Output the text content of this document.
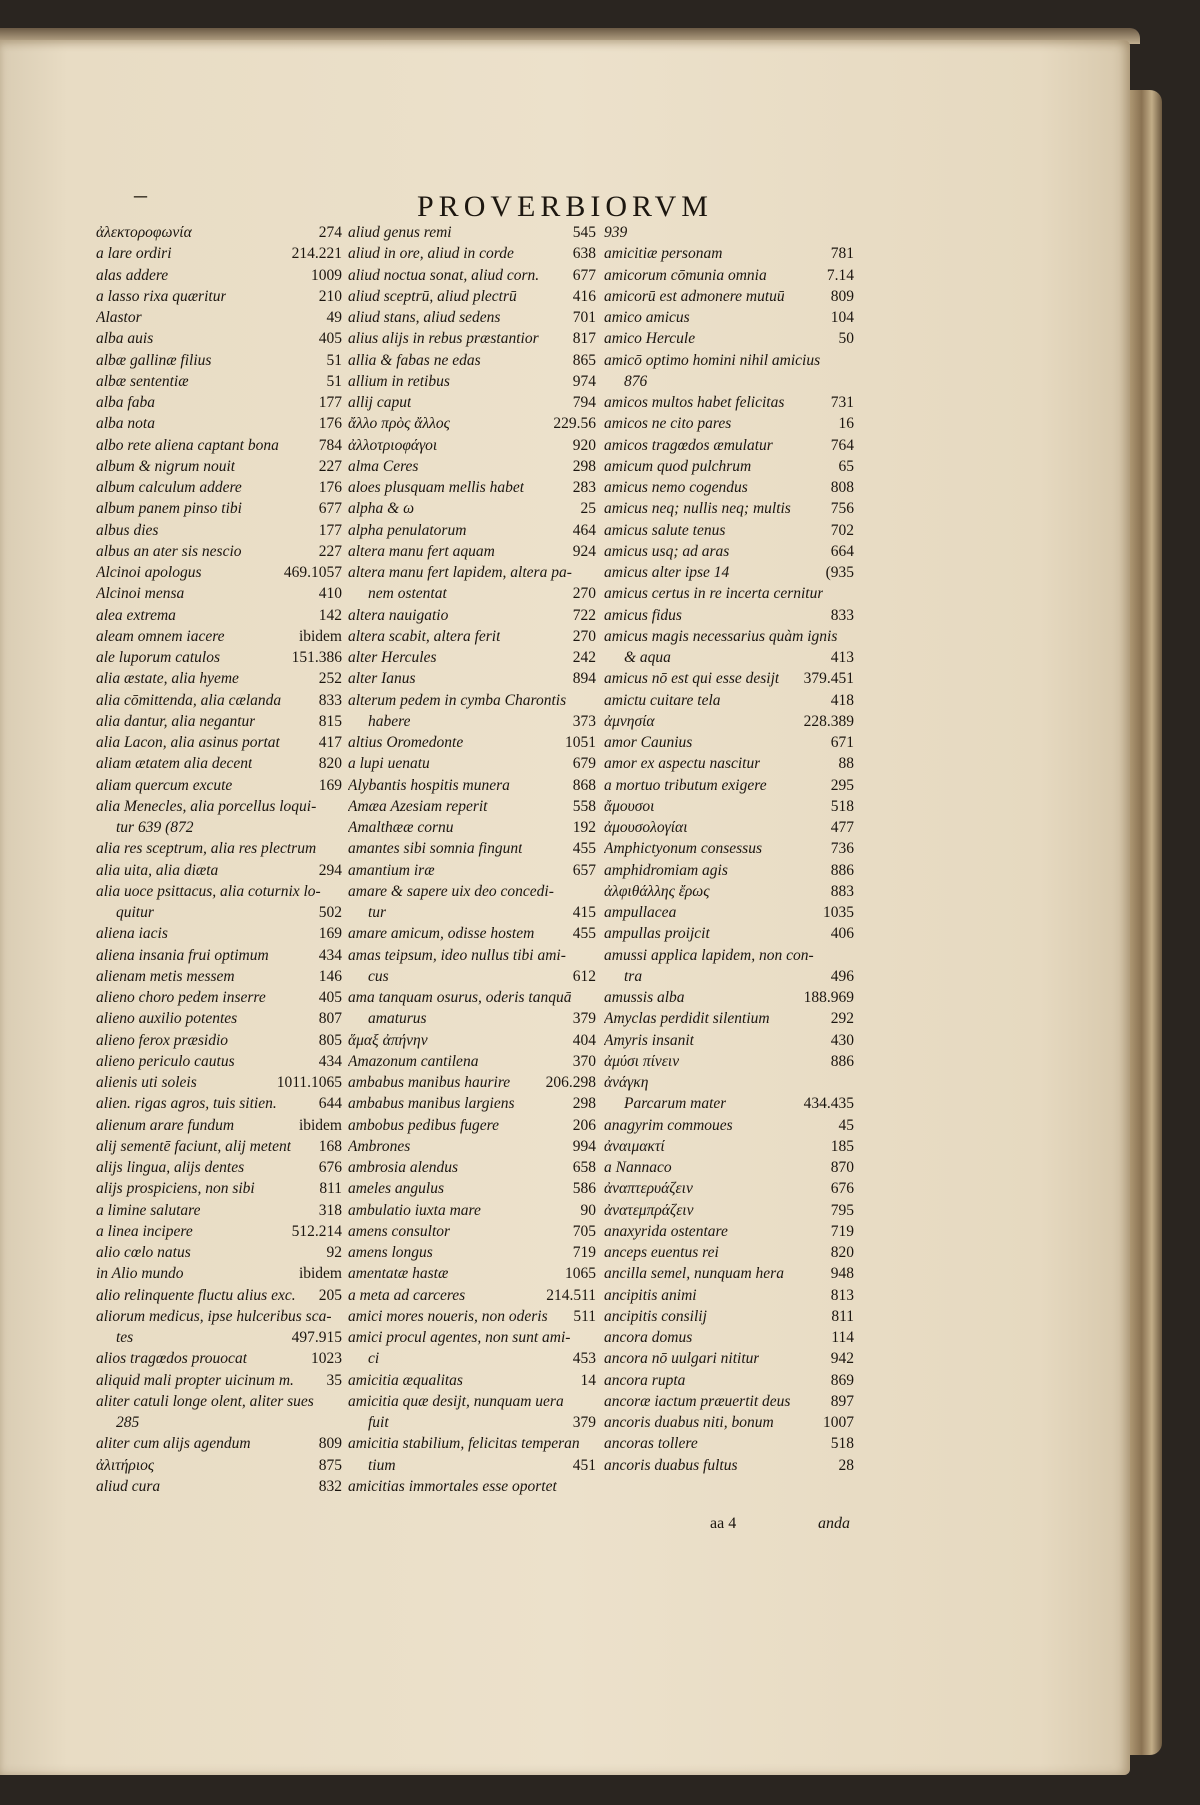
–	PROVERBIORVM
ἀλεκτοροφωνία	274
a lare ordiri	214.221
alas addere	1009
a lasso rixa quæritur	210
Alastor	49
alba auis	405
albæ gallinæ filius	51
albæ sententiæ	51
alba faba	177
alba nota	176
albo rete aliena captant bona	784
album & nigrum nouit	227
album calculum addere	176
album panem pinso tibi	677
albus dies	177
albus an ater sis nescio	227
Alcinoi apologus	469.1057
Alcinoi mensa	410
alea extrema	142
aleam omnem iacere	ibidem
ale luporum catulos	151.386
alia æstate, alia hyeme	252
alia cōmittenda, alia cælanda 833
alia dantur, alia negantur	815
alia Lacon, alia asinus portat	417
aliam ætatem alia decent	820
aliam quercum excute	169
alia Menecles, alia porcellus loqui-
tur 639 (872
alia res sceptrum, alia res plectrum
alia uita, alia diæta	294
alia uoce psittacus, alia coturnix lo-
quitur	502
aliena iacis	169
aliena insania frui optimum	434
alienam metis messem	146
alieno choro pedem inserre	405
alieno auxilio potentes	807
alieno ferox præsidio	805
alieno periculo cautus	434
alienis uti soleis	1011.1065
alien. rigas agros, tuis sitien.	644
alienum arare fundum	ibidem
alij sementē faciunt, alij metent 168
alijs lingua, alijs dentes	676
alijs prospiciens, non sibi	811
a limine salutare	318
a linea incipere	512.214
alio cœlo natus	92
in Alio mundo	ibidem
alio relinquente fluctu alius exc. 205
aliorum medicus, ipse hulceribus sca-
tes	497.915
alios tragœdos prouocat	1023
aliquid mali propter uicinum m. 35
aliter catuli longe olent, aliter sues
285
aliter cum alijs agendum	809
ἀλιτήριος	875
aliud cura	832
aliud genus remi	545
aliud in ore, aliud in corde	638
aliud noctua sonat, aliud corn. 677
aliud sceptrū, aliud plectrū	416
aliud stans, aliud sedens	701
alius alijs in rebus præstantior 817
allia & fabas ne edas	865
allium in retibus	974
allij caput	794
ἄλλο πρὸς ἄλλος	229.56
ἀλλοτριοφάγοι	920
alma Ceres	298
aloes plusquam mellis habet	283
alpha & ω	25
alpha penulatorum	464
altera manu fert aquam	924
altera manu fert lapidem, altera pa-
nem ostentat	270
altera nauigatio	722
altera scabit, altera ferit	270
alter Hercules	242
alter Ianus	894
alterum pedem in cymba Charontis
habere	373
altius Oromedonte	1051
a lupi uenatu	679
Alybantis hospitis munera	868
Amæa Azesiam reperit	558
Amalthææ cornu	192
amantes sibi somnia fingunt	455
amantium iræ	657
amare & sapere uix deo concedi-
tur	415
amare amicum, odisse hostem 455
amas teipsum, ideo nullus tibi ami-
cus	612
ama tanquam osurus, oderis tanquā
amaturus	379
ἅμαξ ἀπήνην	404
Amazonum cantilena	370
ambabus manibus haurire 206.298
ambabus manibus largiens	298
ambobus pedibus fugere	206
Ambrones	994
ambrosia alendus	658
ameles angulus	586
ambulatio iuxta mare	90
amens consultor	705
amens longus	719
amentatæ hastæ	1065
a meta ad carceres	214.511
amici mores noueris, non oderis 511
amici procul agentes, non sunt ami-
ci	453
amicitia æqualitas	14
amicitia quæ desijt, nunquam uera
fuit	379
amicitia stabilium, felicitas temperan
tium	451
amicitias immortales esse oportet
939
amicitiæ personam	781
amicorum cōmunia omnia	7.14
amicorū est admonere mutuū	809
amico amicus	104
amico Hercule	50
amicō optimo homini nihil amicius
876
amicos multos habet felicitas	731
amicos ne cito pares	16
amicos tragœdos æmulatur	764
amicum quod pulchrum	65
amicus nemo cogendus	808
amicus neq; nullis neq; multis	756
amicus salute tenus	702
amicus usq; ad aras	664
amicus alter ipse 14	(935
amicus certus in re incerta cernitur
amicus fidus	833
amicus magis necessarius quàm ignis
& aqua	413
amicus nō est qui esse desijt 379.451
amictu cuitare tela	418
ἀμνησία	228.389
amor Caunius	671
amor ex aspectu nascitur	88
a mortuo tributum exigere	295
ἄμουσοι	518
ἀμουσολογίαι	477
Amphictyonum consessus	736
amphidromiam agis	886
ἀλφιθάλλης ἔρως	883
ampullacea	1035
ampullas proijcit	406
amussi applica lapidem, non con-
tra	496
amussis alba	188.969
Amyclas perdidit silentium	292
Amyris insanit	430
ἀμύσι πίνειν	886
ἀνάγκη
Parcarum mater	434.435
anagyrim commoues	45
ἀναιμακτί	185
a Nannaco	870
ἀναπτερυάζειν	676
ἀνατεμπράζειν	795
anaxyrida ostentare	719
anceps euentus rei	820
ancilla semel, nunquam hera	948
ancipitis animi	813
ancipitis consilij	811
ancora domus	114
ancora nō uulgari nititur	942
ancora rupta	869
ancoræ iactum præuertit deus	897
ancoris duabus niti, bonum	1007
ancoras tollere	518
ancoris duabus fultus	28
aa 4	anda
